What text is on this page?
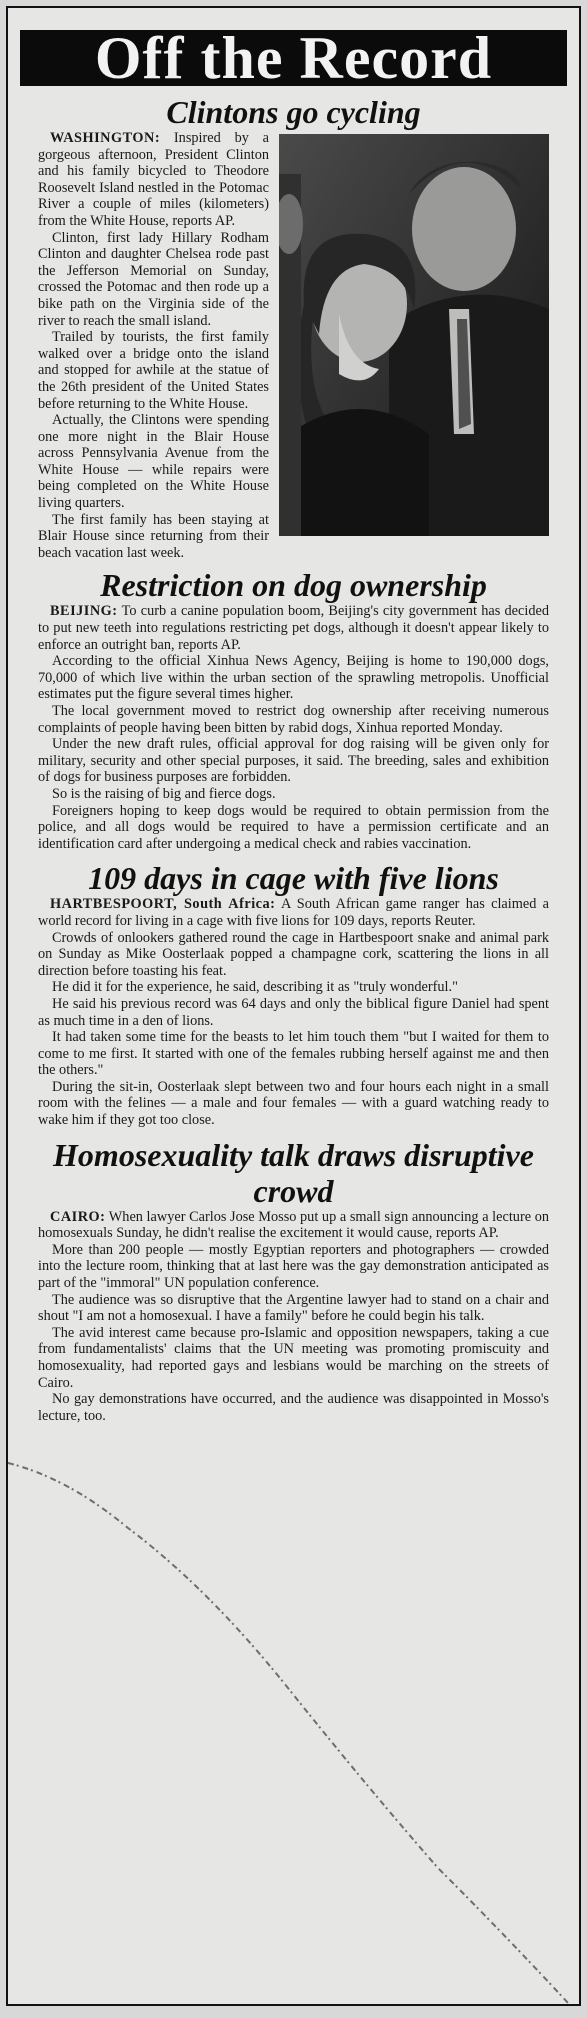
Off the Record
Clintons go cycling

WASHINGTON: Inspired by a gorgeous afternoon, President Clinton and his family bicycled to Theodore Roosevelt Island nestled in the Potomac River a couple of miles (kilometers) from the White House, reports AP.

Clinton, first lady Hillary Rodham Clinton and daughter Chelsea rode past the Jefferson Memorial on Sunday, crossed the Potomac and then rode up a bike path on the Virginia side of the river to reach the small island.

Trailed by tourists, the first family walked over a bridge onto the island and stopped for awhile at the statue of the 26th president of the United States before returning to the White House.

Actually, the Clintons were spending one more night in the Blair House across Pennsylvania Avenue from the White House — while repairs were being completed on the White House living quarters.

The first family has been staying at Blair House since returning from their beach vacation last week.

Restriction on dog ownership

BEIJING: To curb a canine population boom, Beijing's city government has decided to put new teeth into regulations restricting pet dogs, although it doesn't appear likely to enforce an outright ban, reports AP.

According to the official Xinhua News Agency, Beijing is home to 190,000 dogs, 70,000 of which live within the urban section of the sprawling metropolis. Unofficial estimates put the figure several times higher.

The local government moved to restrict dog ownership after receiving numerous complaints of people having been bitten by rabid dogs, Xinhua reported Monday.

Under the new draft rules, official approval for dog raising will be given only for military, security and other special purposes, it said. The breeding, sales and exhibition of dogs for business purposes are forbidden.

So is the raising of big and fierce dogs.

Foreigners hoping to keep dogs would be required to obtain permission from the police, and all dogs would be required to have a permission certificate and an identification card after undergoing a medical check and rabies vaccination.

109 days in cage with five lions

HARTBESPOORT, South Africa: A South African game ranger has claimed a world record for living in a cage with five lions for 109 days, reports Reuter.

Crowds of onlookers gathered round the cage in Hartbespoort snake and animal park on Sunday as Mike Oosterlaak popped a champagne cork, scattering the lions in all direction before toasting his feat.

He did it for the experience, he said, describing it as "truly wonderful."

He said his previous record was 64 days and only the biblical figure Daniel had spent as much time in a den of lions.

It had taken some time for the beasts to let him touch them "but I waited for them to come to me first. It started with one of the females rubbing herself against me and then the others."

During the sit-in, Oosterlaak slept between two and four hours each night in a small room with the felines — a male and four females — with a guard watching ready to wake him if they got too close.

Homosexuality talk draws disruptive crowd

CAIRO: When lawyer Carlos Jose Mosso put up a small sign announcing a lecture on homosexuals Sunday, he didn't realise the excitement it would cause, reports AP.

More than 200 people — mostly Egyptian reporters and photographers — crowded into the lecture room, thinking that at last here was the gay demonstration anticipated as part of the "immoral" UN population conference.

The audience was so disruptive that the Argentine lawyer had to stand on a chair and shout "I am not a homosexual. I have a family" before he could begin his talk.

The avid interest came because pro-Islamic and opposition newspapers, taking a cue from fundamentalists' claims that the UN meeting was promoting promiscuity and homosexuality, had reported gays and lesbians would be marching on the streets of Cairo.

No gay demonstrations have occurred, and the audience was disappointed in Mosso's lecture, too.
